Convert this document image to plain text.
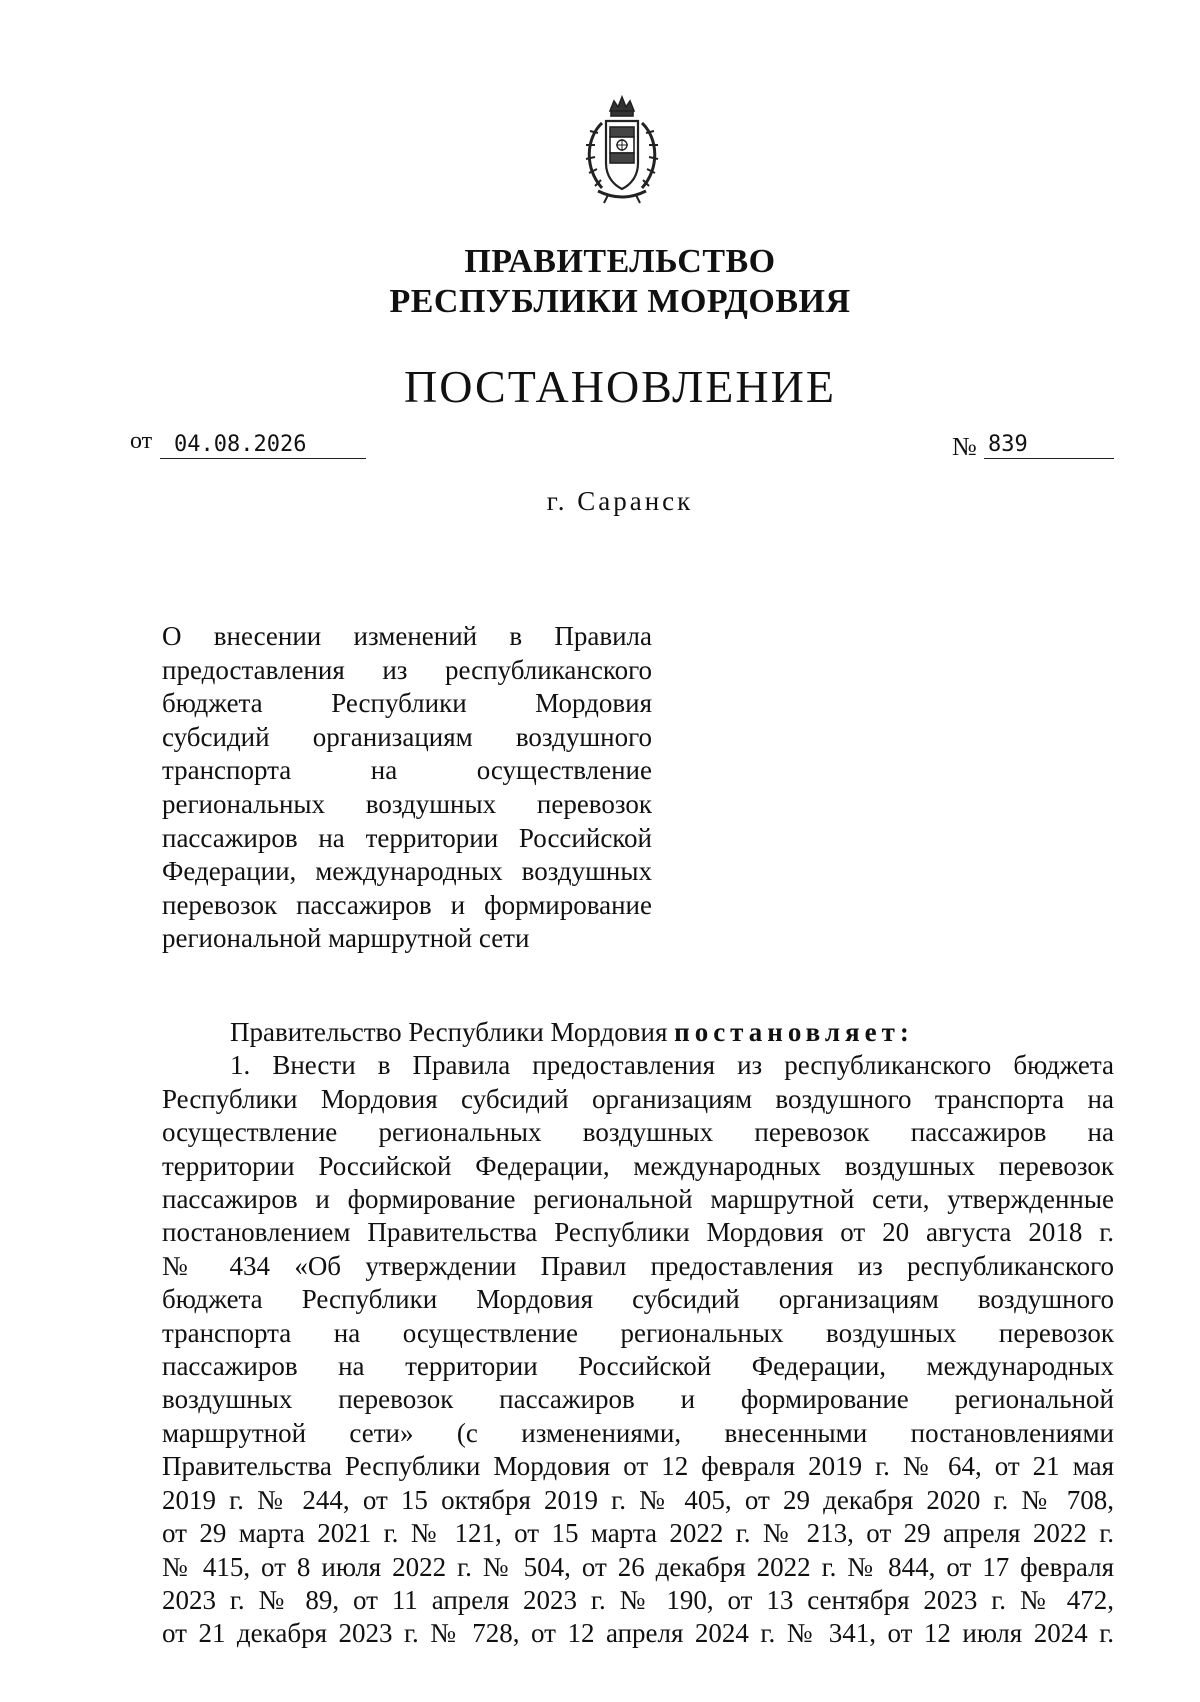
ПРАВИТЕЛЬСТВО
РЕСПУБЛИКИ МОРДОВИЯ
ПОСТАНОВЛЕНИЕ
от 04.08.2026	№ 839
г. Саранск
О внесении изменений в Правила
предоставления из республиканского
бюджета Республики Мордовия
субсидий организациям воздушного
транспорта на осуществление
региональных воздушных перевозок
пассажиров на территории Российской
Федерации, международных воздушных
перевозок пассажиров и формирование
региональной маршрутной сети
Правительство Республики Мордовия постановляет:
1. Внести в Правила предоставления из республиканского бюджета
Республики Мордовия субсидий организациям воздушного транспорта на
осуществление региональных воздушных перевозок пассажиров на
территории Российской Федерации, международных воздушных перевозок
пассажиров и формирование региональной маршрутной сети, утвержденные
постановлением Правительства Республики Мордовия от 20 августа 2018 г.
№ 434 «Об утверждении Правил предоставления из республиканского
бюджета Республики Мордовия субсидий организациям воздушного
транспорта на осуществление региональных воздушных перевозок
пассажиров на территории Российской Федерации, международных
воздушных перевозок пассажиров и формирование региональной
маршрутной сети» (с изменениями, внесенными постановлениями
Правительства Республики Мордовия от 12 февраля 2019 г. № 64, от 21 мая
2019 г. № 244, от 15 октября 2019 г. № 405, от 29 декабря 2020 г. № 708,
от 29 марта 2021 г. № 121, от 15 марта 2022 г. № 213, от 29 апреля 2022 г.
№ 415, от 8 июля 2022 г. № 504, от 26 декабря 2022 г. № 844, от 17 февраля
2023 г. № 89, от 11 апреля 2023 г. № 190, от 13 сентября 2023 г. № 472,
от 21 декабря 2023 г. № 728, от 12 апреля 2024 г. № 341, от 12 июля 2024 г.
